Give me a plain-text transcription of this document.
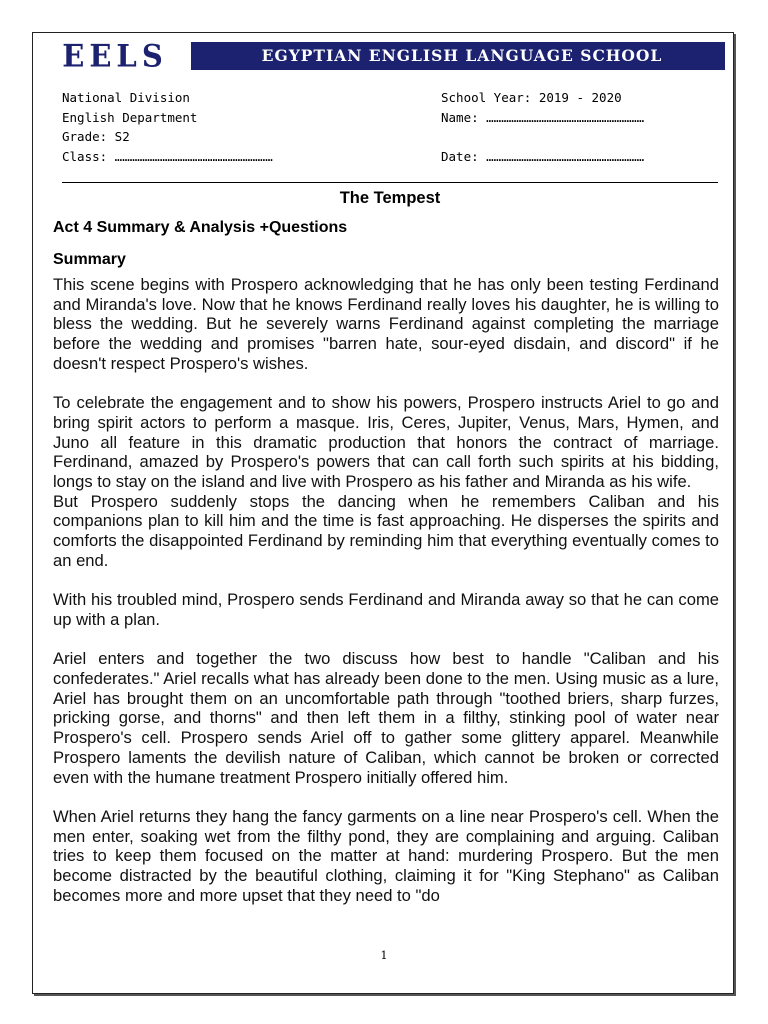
EELS	EGYPTIAN ENGLISH LANGUAGE SCHOOL
National Division
English Department
Grade: S2
Class: ………………………………………………………
School Year: 2019 - 2020
Name: ………………………………………………………
Date: ………………………………………………………
The Tempest
Act 4 Summary & Analysis +Questions
Summary

This scene begins with Prospero acknowledging that he has only been testing Ferdinand and Miranda's love. Now that he knows Ferdinand really loves his daughter, he is willing to bless the wedding. But he severely warns Ferdinand against completing the marriage before the wedding and promises "barren hate, sour-eyed disdain, and discord" if he doesn't respect Prospero's wishes.

To celebrate the engagement and to show his powers, Prospero instructs Ariel to go and bring spirit actors to perform a masque. Iris, Ceres, Jupiter, Venus, Mars, Hymen, and Juno all feature in this dramatic production that honors the contract of marriage. Ferdinand, amazed by Prospero's powers that can call forth such spirits at his bidding, longs to stay on the island and live with Prospero as his father and Miranda as his wife.

But Prospero suddenly stops the dancing when he remembers Caliban and his companions plan to kill him and the time is fast approaching. He disperses the spirits and comforts the disappointed Ferdinand by reminding him that everything eventually comes to an end.

With his troubled mind, Prospero sends Ferdinand and Miranda away so that he can come up with a plan.

Ariel enters and together the two discuss how best to handle "Caliban and his confederates." Ariel recalls what has already been done to the men. Using music as a lure, Ariel has brought them on an uncomfortable path through "toothed briers, sharp furzes, pricking gorse, and thorns" and then left them in a filthy, stinking pool of water near Prospero's cell. Prospero sends Ariel off to gather some glittery apparel. Meanwhile Prospero laments the devilish nature of Caliban, which cannot be broken or corrected even with the humane treatment Prospero initially offered him.

When Ariel returns they hang the fancy garments on a line near Prospero's cell. When the men enter, soaking wet from the filthy pond, they are complaining and arguing. Caliban tries to keep them focused on the matter at hand: murdering Prospero. But the men become distracted by the beautiful clothing, claiming it for "King Stephano" as Caliban becomes more and more upset that they need to "do

1
